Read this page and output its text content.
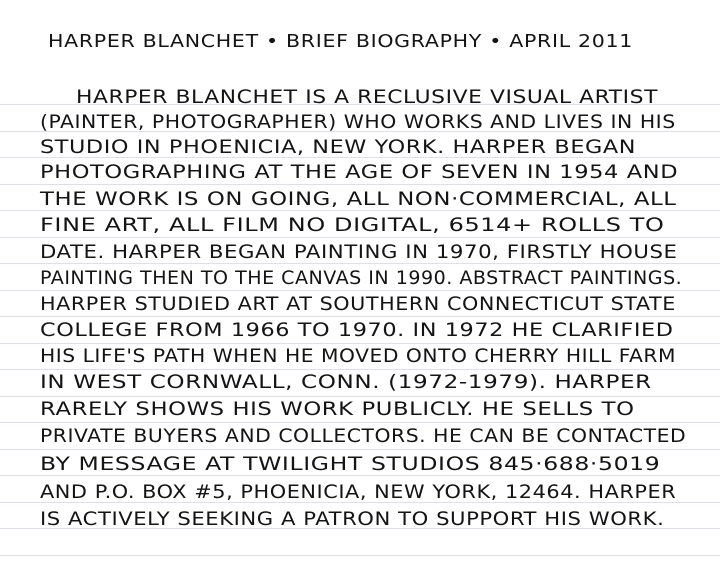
HARPER BLANCHET • BRIEF BIOGRAPHY • APRIL 2011
HARPER BLANCHET IS A RECLUSIVE VISUAL ARTIST
(PAINTER, PHOTOGRAPHER) WHO WORKS AND LIVES IN HIS
STUDIO IN PHOENICIA, NEW YORK. HARPER BEGAN
PHOTOGRAPHING AT THE AGE OF SEVEN IN 1954 AND
THE WORK IS ON GOING, ALL NON·COMMERCIAL, ALL
FINE ART, ALL FILM NO DIGITAL, 6514+ ROLLS TO
DATE. HARPER BEGAN PAINTING IN 1970, FIRSTLY HOUSE
PAINTING THEN TO THE CANVAS IN 1990. ABSTRACT PAINTINGS.
HARPER STUDIED ART AT SOUTHERN CONNECTICUT STATE
COLLEGE FROM 1966 TO 1970. IN 1972 HE CLARIFIED
HIS LIFE'S PATH WHEN HE MOVED ONTO CHERRY HILL FARM
IN WEST CORNWALL, CONN. (1972-1979). HARPER
RARELY SHOWS HIS WORK PUBLICLY. HE SELLS TO
PRIVATE BUYERS AND COLLECTORS. HE CAN BE CONTACTED
BY MESSAGE AT TWILIGHT STUDIOS 845·688·5019
AND P.O. BOX #5, PHOENICIA, NEW YORK, 12464. HARPER
IS ACTIVELY SEEKING A PATRON TO SUPPORT HIS WORK.
